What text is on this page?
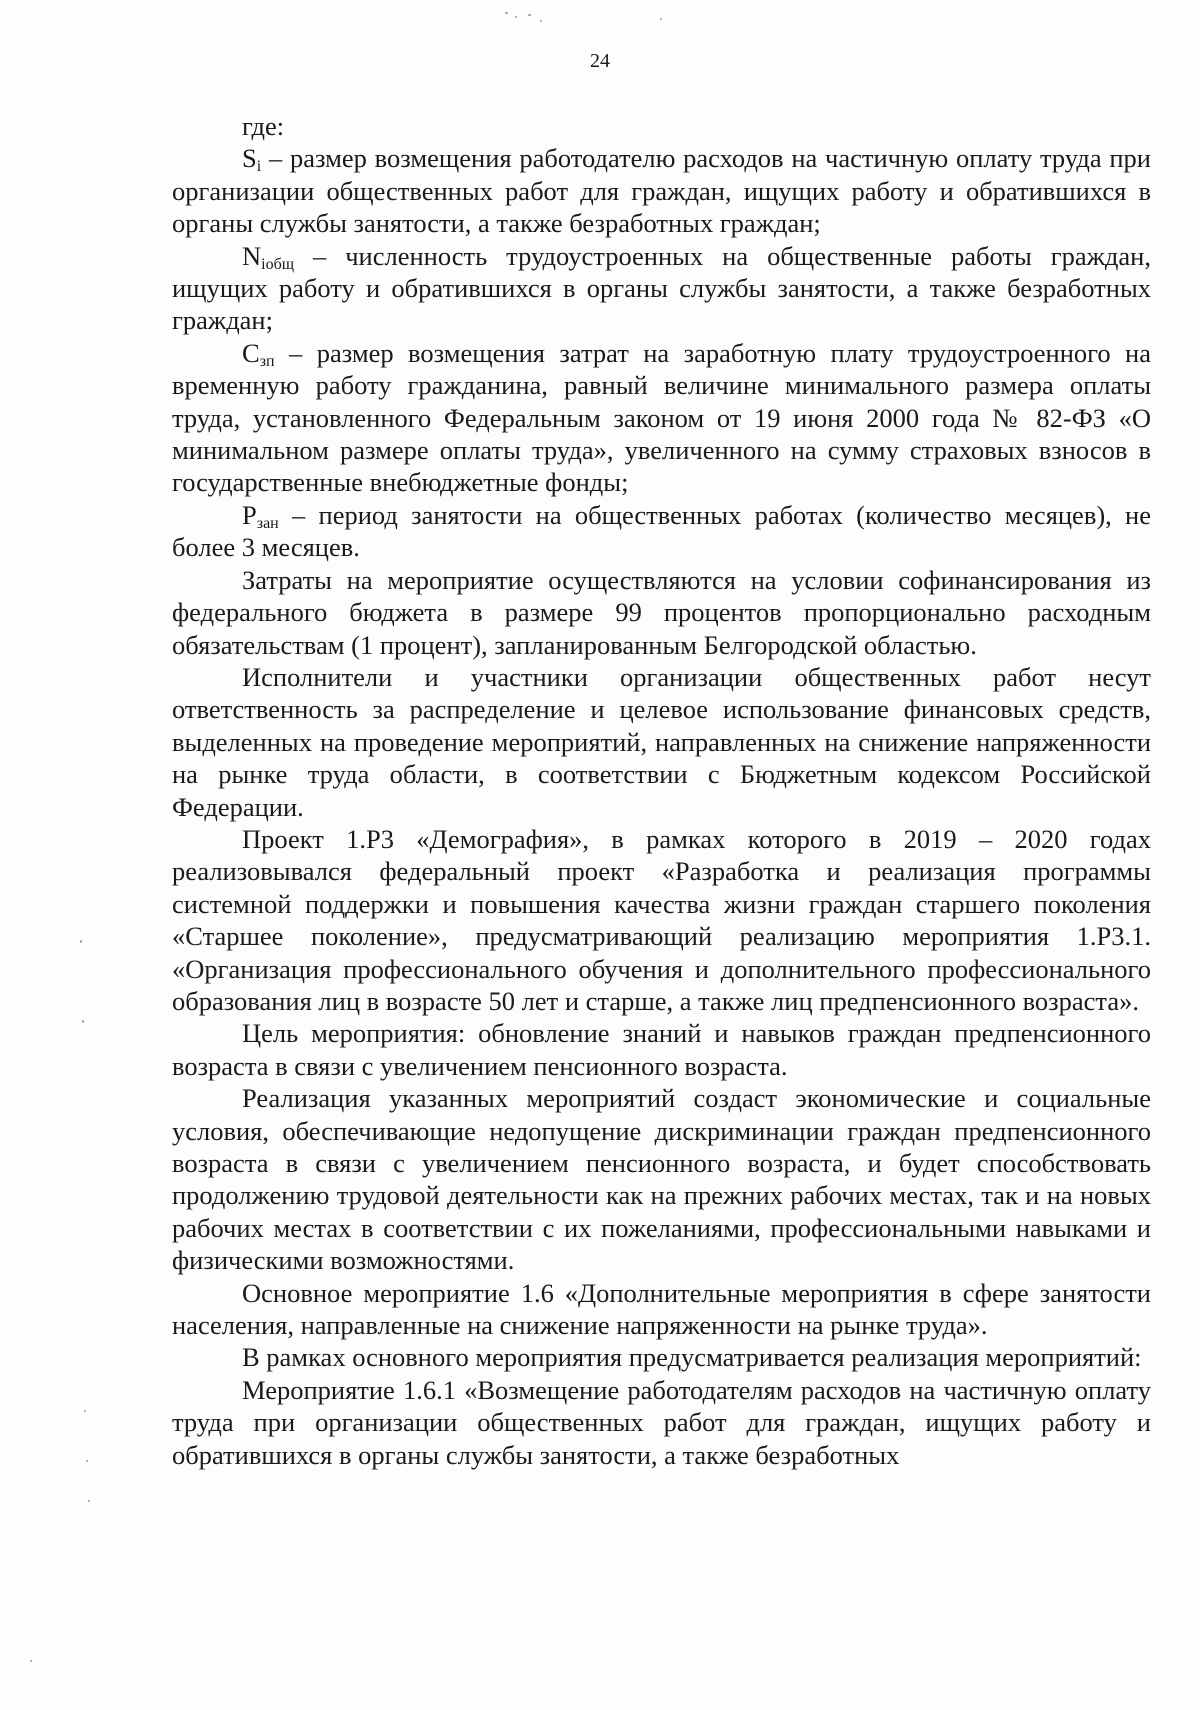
24

где:

$S_i$ – размер возмещения работодателю расходов на частичную оплату труда при организации общественных работ для граждан, ищущих работу и обратившихся в органы службы занятости, а также безработных граждан;

$N_{iобщ}$ – численность трудоустроенных на общественные работы граждан, ищущих работу и обратившихся в органы службы занятости, а также безработных граждан;

$С_{зп}$ – размер возмещения затрат на заработную плату трудоустроенного на временную работу гражданина, равный величине минимального размера оплаты труда, установленного Федеральным законом от 19 июня 2000 года № 82-ФЗ «О минимальном размере оплаты труда», увеличенного на сумму страховых взносов в государственные внебюджетные фонды;

$Р_{зан}$ – период занятости на общественных работах (количество месяцев), не более 3 месяцев.

Затраты на мероприятие осуществляются на условии софинансирования из федерального бюджета в размере 99 процентов пропорционально расходным обязательствам (1 процент), запланированным Белгородской областью.

Исполнители и участники организации общественных работ несут ответственность за распределение и целевое использование финансовых средств, выделенных на проведение мероприятий, направленных на снижение напряженности на рынке труда области, в соответствии с Бюджетным кодексом Российской Федерации.

Проект 1.Р3 «Демография», в рамках которого в 2019 – 2020 годах реализовывался федеральный проект «Разработка и реализация программы системной поддержки и повышения качества жизни граждан старшего поколения «Старшее поколение», предусматривающий реализацию мероприятия 1.Р3.1. «Организация профессионального обучения и дополнительного профессионального образования лиц в возрасте 50 лет и старше, а также лиц предпенсионного возраста».

Цель мероприятия: обновление знаний и навыков граждан предпенсионного возраста в связи с увеличением пенсионного возраста.

Реализация указанных мероприятий создаст экономические и социальные условия, обеспечивающие недопущение дискриминации граждан предпенсионного возраста в связи с увеличением пенсионного возраста, и будет способствовать продолжению трудовой деятельности как на прежних рабочих местах, так и на новых рабочих местах в соответствии с их пожеланиями, профессиональными навыками и физическими возможностями.

Основное мероприятие 1.6 «Дополнительные мероприятия в сфере занятости населения, направленные на снижение напряженности на рынке труда».

В рамках основного мероприятия предусматривается реализация мероприятий:

Мероприятие 1.6.1 «Возмещение работодателям расходов на частичную оплату труда при организации общественных работ для граждан, ищущих работу и обратившихся в органы службы занятости, а также безработных
